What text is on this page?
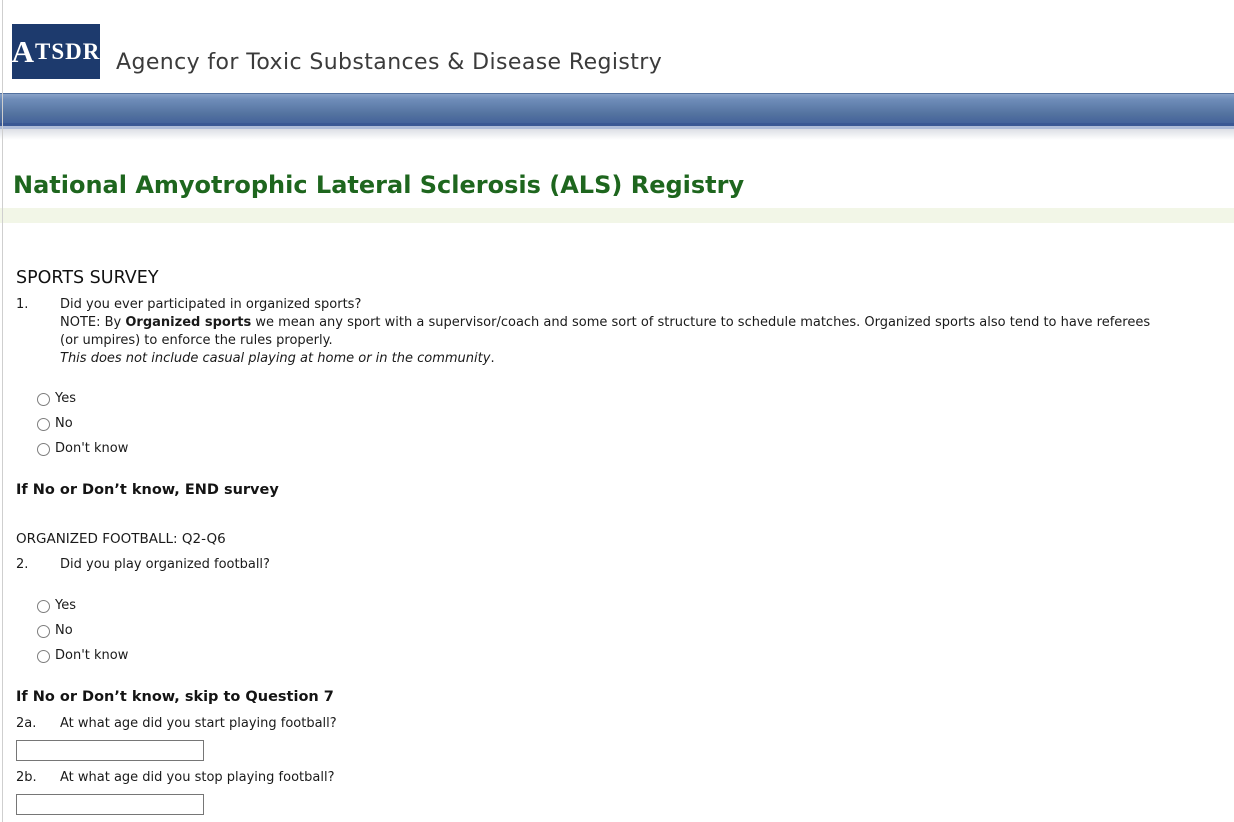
A TSDR Agency for Toxic Substances & Disease Registry
National Amyotrophic Lateral Sclerosis (ALS) Registry
SPORTS SURVEY
1.	Did you ever participated in organized sports?
NOTE: By Organized sports we mean any sport with a supervisor/coach and some sort of structure to schedule matches. Organized sports also tend to have referees (or umpires) to enforce the rules properly.
This does not include casual playing at home or in the community.
Yes
No
Don't know
If No or Don’t know, END survey
ORGANIZED FOOTBALL: Q2-Q6
2.	Did you play organized football?
Yes
No
Don't know
If No or Don’t know, skip to Question 7
2a.	At what age did you start playing football?
2b.	At what age did you stop playing football?
